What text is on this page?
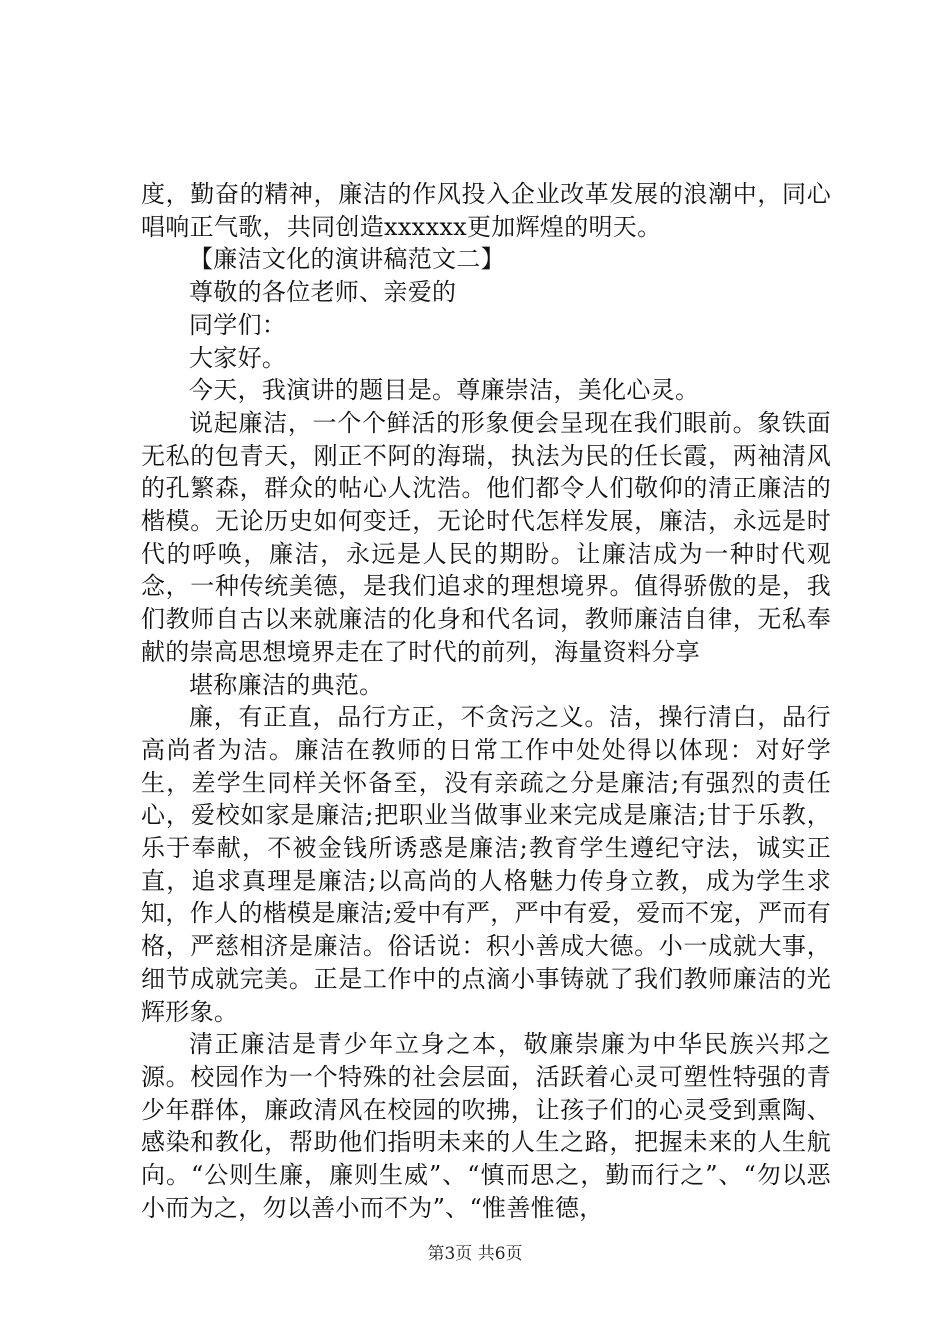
度，勤奋的精神，廉洁的作风投入企业改革发展的浪潮中，同心唱响正气歌，共同创造xxxxxx更加辉煌的明天。

【廉洁文化的演讲稿范文二】

尊敬的各位老师、亲爱的

同学们：

大家好。

今天，我演讲的题目是。尊廉崇洁，美化心灵。

说起廉洁，一个个鲜活的形象便会呈现在我们眼前。象铁面无私的包青天，刚正不阿的海瑞，执法为民的任长霞，两袖清风的孔繁森，群众的帖心人沈浩。他们都令人们敬仰的清正廉洁的楷模。无论历史如何变迁，无论时代怎样发展，廉洁，永远是时代的呼唤，廉洁，永远是人民的期盼。让廉洁成为一种时代观念，一种传统美德，是我们追求的理想境界。值得骄傲的是，我们教师自古以来就廉洁的化身和代名词，教师廉洁自律，无私奉献的崇高思想境界走在了时代的前列，海量资料分享

堪称廉洁的典范。

廉，有正直，品行方正，不贪污之义。洁，操行清白，品行高尚者为洁。廉洁在教师的日常工作中处处得以体现：对好学生，差学生同样关怀备至，没有亲疏之分是廉洁;有强烈的责任心，爱校如家是廉洁;把职业当做事业来完成是廉洁;甘于乐教，乐于奉献，不被金钱所诱惑是廉洁;教育学生遵纪守法，诚实正直，追求真理是廉洁;以高尚的人格魅力传身立教，成为学生求知，作人的楷模是廉洁;爱中有严，严中有爱，爱而不宠，严而有格，严慈相济是廉洁。俗话说：积小善成大德。小一成就大事，细节成就完美。正是工作中的点滴小事铸就了我们教师廉洁的光辉形象。

清正廉洁是青少年立身之本，敬廉崇廉为中华民族兴邦之源。校园作为一个特殊的社会层面，活跃着心灵可塑性特强的青少年群体，廉政清风在校园的吹拂，让孩子们的心灵受到熏陶、感染和教化，帮助他们指明未来的人生之路，把握未来的人生航向。“公则生廉，廉则生威”、“慎而思之，勤而行之”、“勿以恶小而为之，勿以善小而不为”、“惟善惟德，

第3页 共6页
